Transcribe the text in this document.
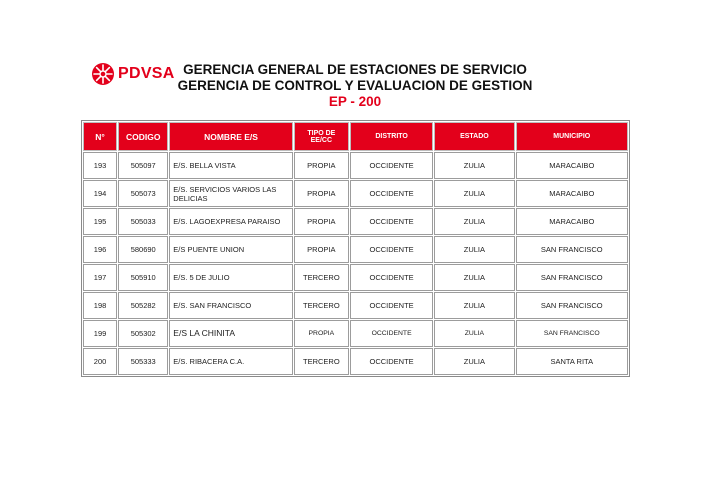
PDVSA GERENCIA GENERAL DE ESTACIONES DE SERVICIO
GERENCIA DE CONTROL Y EVALUACION DE GESTION
EP - 200
N°	CODIGO	NOMBRE E/S	TIPO DE EE/CC	DISTRITO	ESTADO	MUNICIPIO
193	505097	E/S. BELLA VISTA	PROPIA	OCCIDENTE	ZULIA	MARACAIBO
194	505073	E/S. SERVICIOS VARIOS LAS DELICIAS	PROPIA	OCCIDENTE	ZULIA	MARACAIBO
195	505033	E/S. LAGOEXPRESA PARAISO	PROPIA	OCCIDENTE	ZULIA	MARACAIBO
196	580690	E/S PUENTE UNION	PROPIA	OCCIDENTE	ZULIA	SAN FRANCISCO
197	505910	E/S. 5 DE JULIO	TERCERO	OCCIDENTE	ZULIA	SAN FRANCISCO
198	505282	E/S. SAN FRANCISCO	TERCERO	OCCIDENTE	ZULIA	SAN FRANCISCO
199	505302	E/S LA CHINITA	PROPIA	OCCIDENTE	ZULIA	SAN FRANCISCO
200	505333	E/S. RIBACERA C.A.	TERCERO	OCCIDENTE	ZULIA	SANTA RITA
